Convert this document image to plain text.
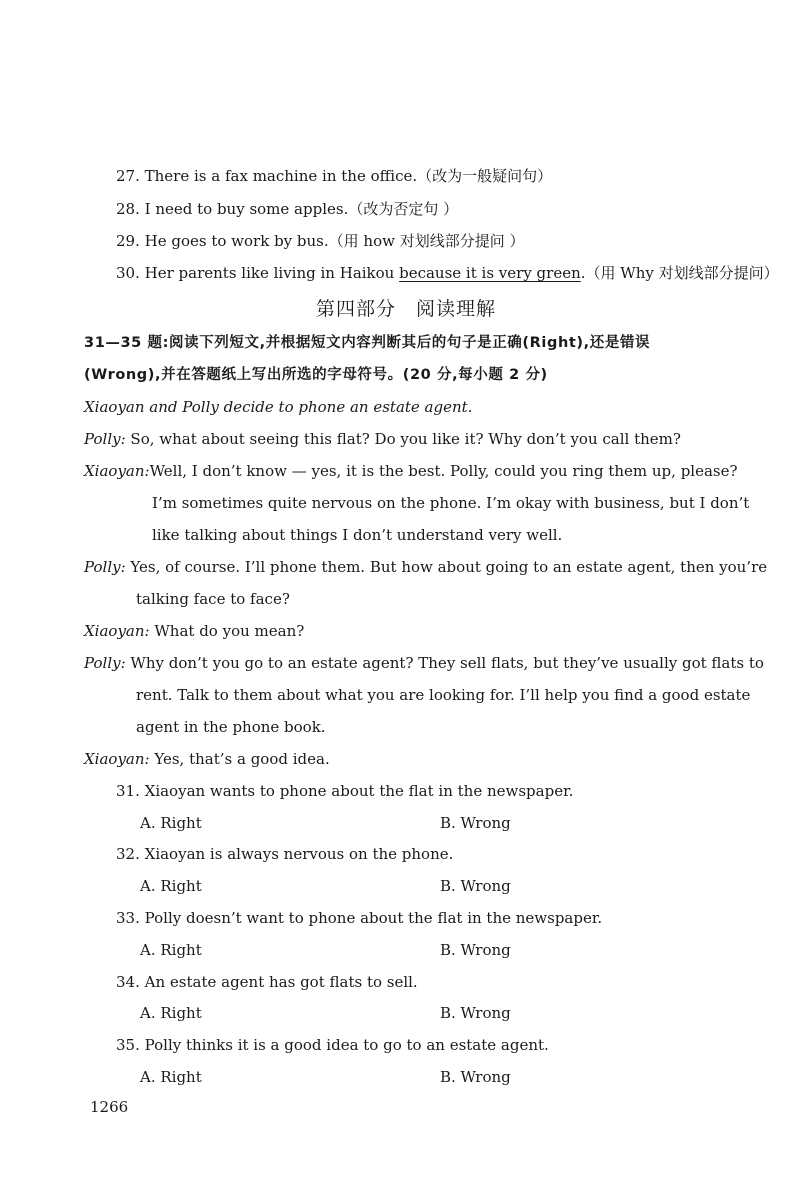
27. There is a fax machine in the office.（改为一般疑问句）
28. I need to buy some apples.（改为否定句 ）
29. He goes to work by bus.（用 how 对划线部分提问 ）
30. Her parents like living in Haikou because it is very green.（用 Why 对划线部分提问）
第四部分　阅读理解
31—35 题:阅读下列短文,并根据短文内容判断其后的句子是正确(Right),还是错误
(Wrong),并在答题纸上写出所选的字母符号。(20 分,每小题 2 分)
Xiaoyan and Polly decide to phone an estate agent.
Polly: So, what about seeing this flat? Do you like it? Why don’t you call them?
Xiaoyan:Well, I don’t know — yes, it is the best. Polly, could you ring them up, please?
I’m sometimes quite nervous on the phone. I’m okay with business, but I don’t
like talking about things I don’t understand very well.
Polly: Yes, of course. I’ll phone them. But how about going to an estate agent, then you’re
talking face to face?
Xiaoyan: What do you mean?
Polly: Why don’t you go to an estate agent? They sell flats, but they’ve usually got flats to
rent. Talk to them about what you are looking for. I’ll help you find a good estate
agent in the phone book.
Xiaoyan: Yes, that’s a good idea.
31. Xiaoyan wants to phone about the flat in the newspaper.
A. Right	B. Wrong
32. Xiaoyan is always nervous on the phone.
A. Right	B. Wrong
33. Polly doesn’t want to phone about the flat in the newspaper.
A. Right	B. Wrong
34. An estate agent has got flats to sell.
A. Right	B. Wrong
35. Polly thinks it is a good idea to go to an estate agent.
A. Right	B. Wrong
1266
